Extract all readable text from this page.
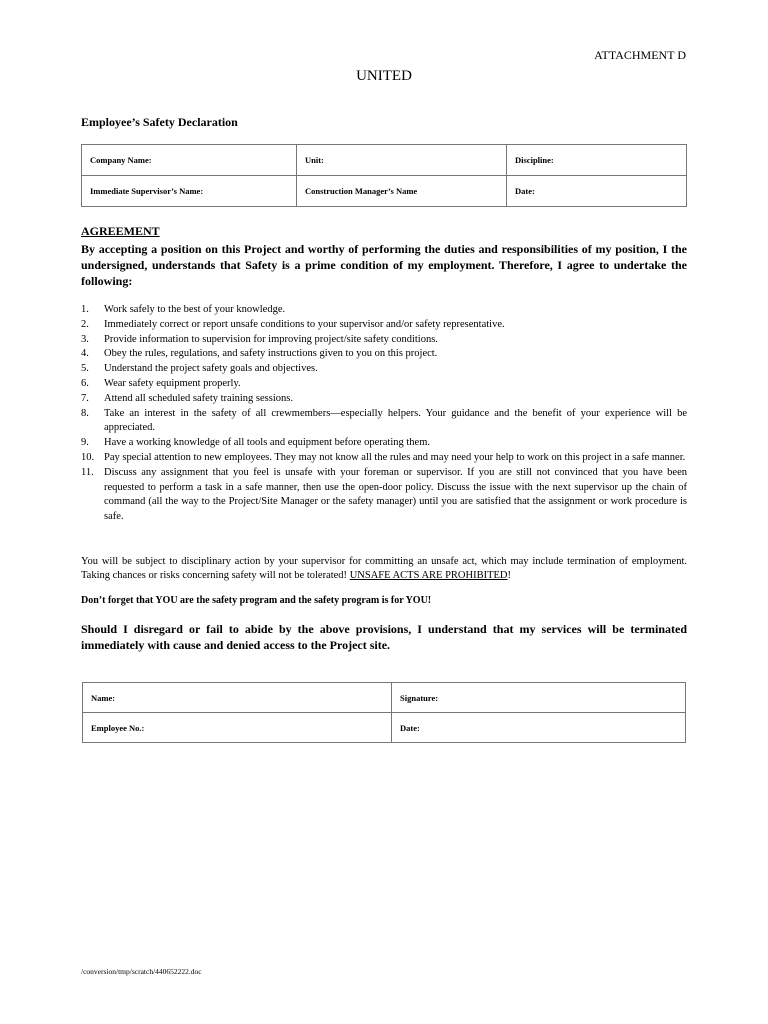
ATTACHMENT D
UNITED
Employee’s Safety Declaration
Company Name:	Unit:	Discipline:
Immediate Supervisor’s Name:	Construction Manager’s Name	Date:
AGREEMENT
By accepting a position on this Project and worthy of performing the duties and responsibilities of my position, I the undersigned, understands that Safety is a prime condition of my employment. Therefore, I agree to undertake the following:
1. Work safely to the best of your knowledge.
2. Immediately correct or report unsafe conditions to your supervisor and/or safety representative.
3. Provide information to supervision for improving project/site safety conditions.
4. Obey the rules, regulations, and safety instructions given to you on this project.
5. Understand the project safety goals and objectives.
6. Wear safety equipment properly.
7. Attend all scheduled safety training sessions.
8. Take an interest in the safety of all crewmembers—especially helpers. Your guidance and the benefit of your experience will be appreciated.
9. Have a working knowledge of all tools and equipment before operating them.
10. Pay special attention to new employees. They may not know all the rules and may need your help to work on this project in a safe manner.
11. Discuss any assignment that you feel is unsafe with your foreman or supervisor. If you are still not convinced that you have been requested to perform a task in a safe manner, then use the open-door policy. Discuss the issue with the next supervisor up the chain of command (all the way to the Project/Site Manager or the safety manager) until you are satisfied that the assignment or work procedure is safe.
You will be subject to disciplinary action by your supervisor for committing an unsafe act, which may include termination of employment. Taking chances or risks concerning safety will not be tolerated! UNSAFE ACTS ARE PROHIBITED!
Don’t forget that YOU are the safety program and the safety program is for YOU!
Should I disregard or fail to abide by the above provisions, I understand that my services will be terminated immediately with cause and denied access to the Project site.
Name:	Signature:
Employee No.:	Date:
/conversion/tmp/scratch/440652222.doc
